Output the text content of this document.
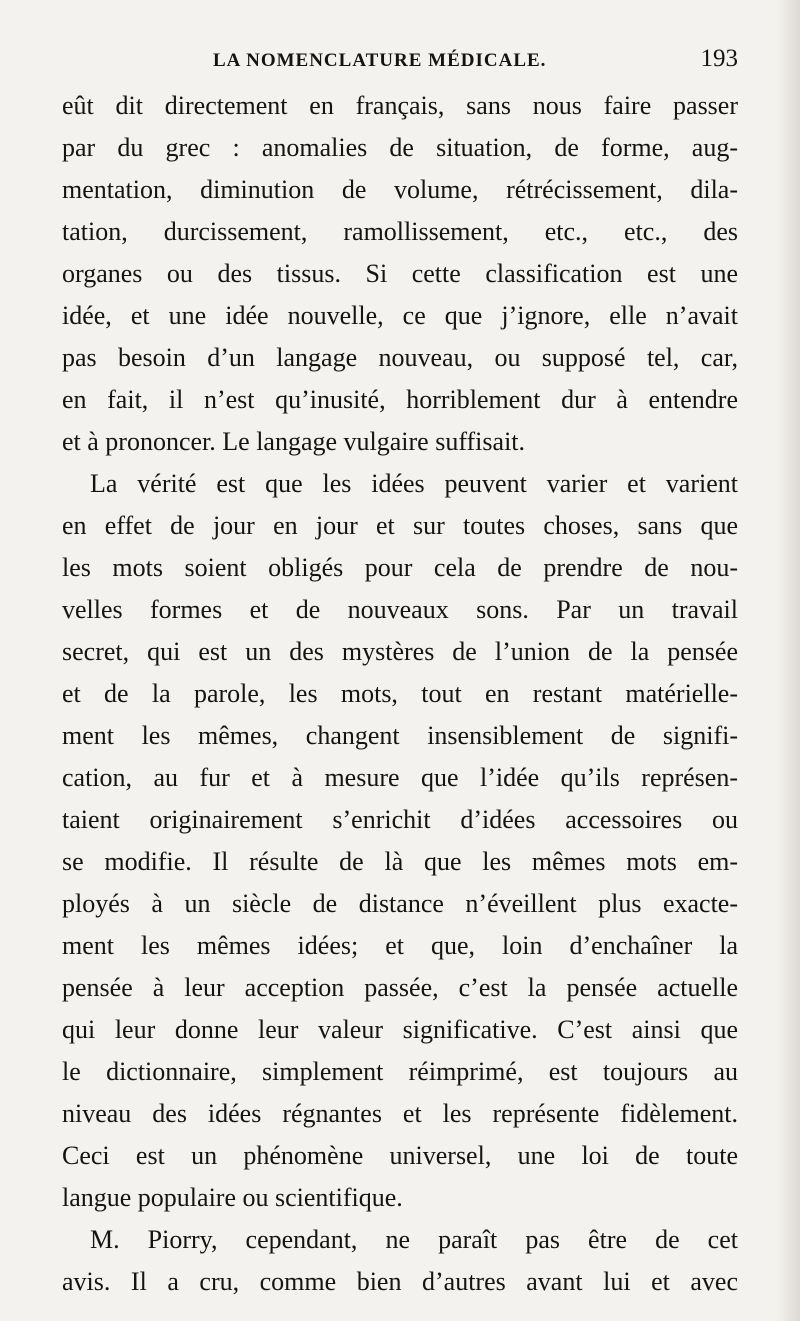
LA NOMENCLATURE MÉDICALE.	193
eût dit directement en français, sans nous faire passer
par du grec : anomalies de situation, de forme, aug-
mentation, diminution de volume, rétrécissement, dila-
tation, durcissement, ramollissement, etc., etc., des
organes ou des tissus. Si cette classification est une
idée, et une idée nouvelle, ce que j’ignore, elle n’avait
pas besoin d’un langage nouveau, ou supposé tel, car,
en fait, il n’est qu’inusité, horriblement dur à entendre
et à prononcer. Le langage vulgaire suffisait.
La vérité est que les idées peuvent varier et varient
en effet de jour en jour et sur toutes choses, sans que
les mots soient obligés pour cela de prendre de nou-
velles formes et de nouveaux sons. Par un travail
secret, qui est un des mystères de l’union de la pensée
et de la parole, les mots, tout en restant matérielle-
ment les mêmes, changent insensiblement de signifi-
cation, au fur et à mesure que l’idée qu’ils représen-
taient originairement s’enrichit d’idées accessoires ou
se modifie. Il résulte de là que les mêmes mots em-
ployés à un siècle de distance n’éveillent plus exacte-
ment les mêmes idées; et que, loin d’enchaîner la
pensée à leur acception passée, c’est la pensée actuelle
qui leur donne leur valeur significative. C’est ainsi que
le dictionnaire, simplement réimprimé, est toujours au
niveau des idées régnantes et les représente fidèlement.
Ceci est un phénomène universel, une loi de toute
langue populaire ou scientifique.
M. Piorry, cependant, ne paraît pas être de cet
avis. Il a cru, comme bien d’autres avant lui et avec
